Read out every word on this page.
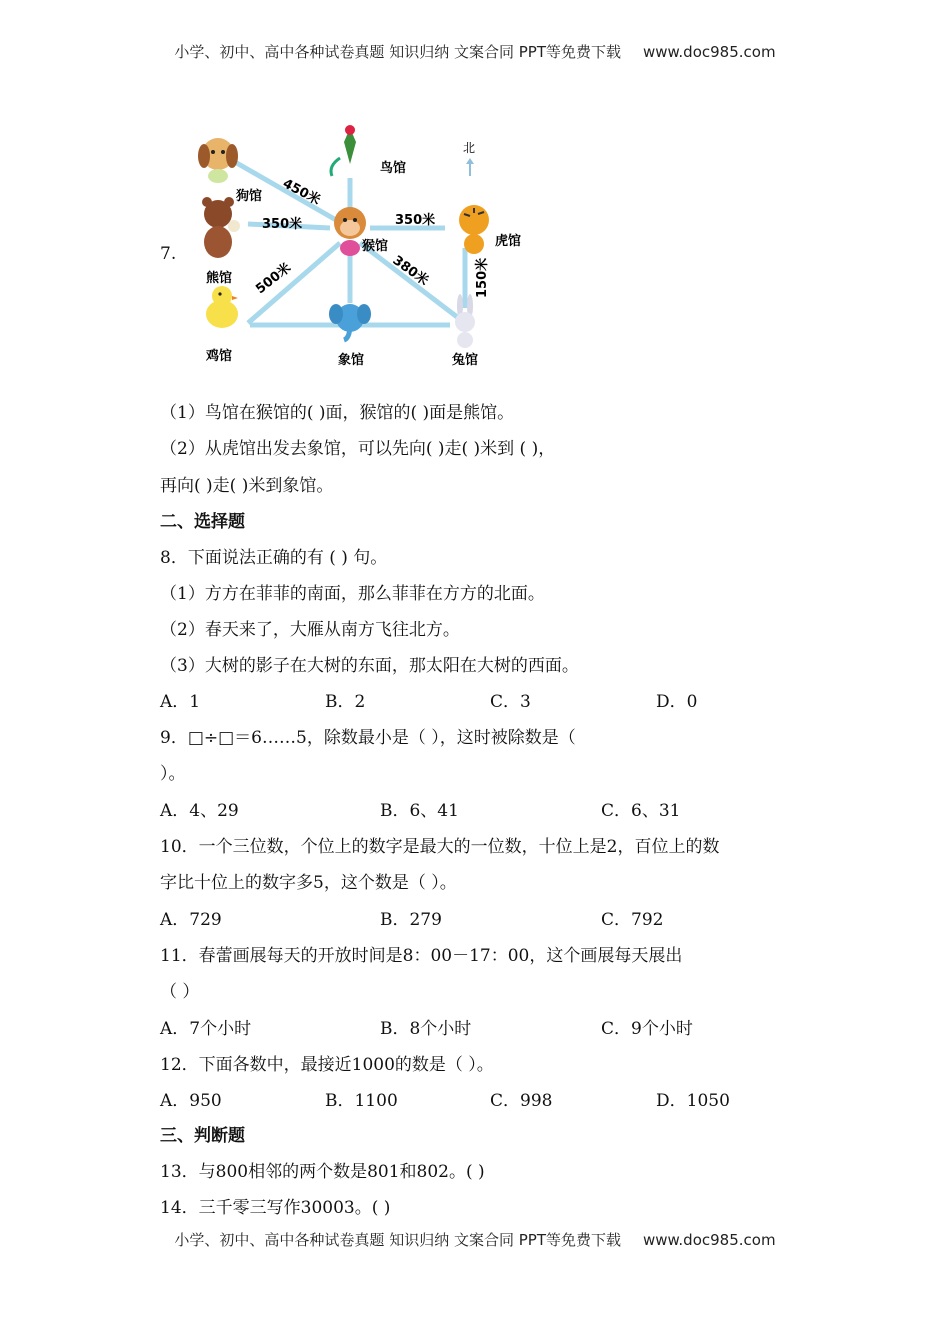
小学、初中、高中各种试卷真题 知识归纳 文案合同 PPT等免费下载 www.doc985.com
7.
狗馆
鸟馆
北
熊馆
猴馆	虎馆
鸡馆	象馆	兔馆
450米
350米	350米
500米	380米	150米
（1）鸟馆在猴馆的( )面，猴馆的( )面是熊馆。
（2）从虎馆出发去象馆，可以先向( )走( )米到 ( )，
再向( )走( )米到象馆。
二、选择题
8．下面说法正确的有 ( ) 句。
（1）方方在菲菲的南面，那么菲菲在方方的北面。
（2）春天来了，大雁从南方飞往北方。
（3）大树的影子在大树的东面，那太阳在大树的西面。
A．1	B．2	C．3	D．0
9．□÷□＝6……5，除数最小是（ ），这时被除数是（
）。
A．4、29	B．6、41	C．6、31
10．一个三位数，个位上的数字是最大的一位数，十位上是2，百位上的数
字比十位上的数字多5，这个数是（ ）。
A．729	B．279	C．792
11．春蕾画展每天的开放时间是8：00－17：00，这个画展每天展出
（ ）
A．7个小时	B．8个小时	C．9个小时
12．下面各数中，最接近1000的数是（ ）。
A．950	B．1100	C．998	D．1050
三、判断题
13．与800相邻的两个数是801和802。( )
14．三千零三写作30003。( )
小学、初中、高中各种试卷真题 知识归纳 文案合同 PPT等免费下载 www.doc985.com
